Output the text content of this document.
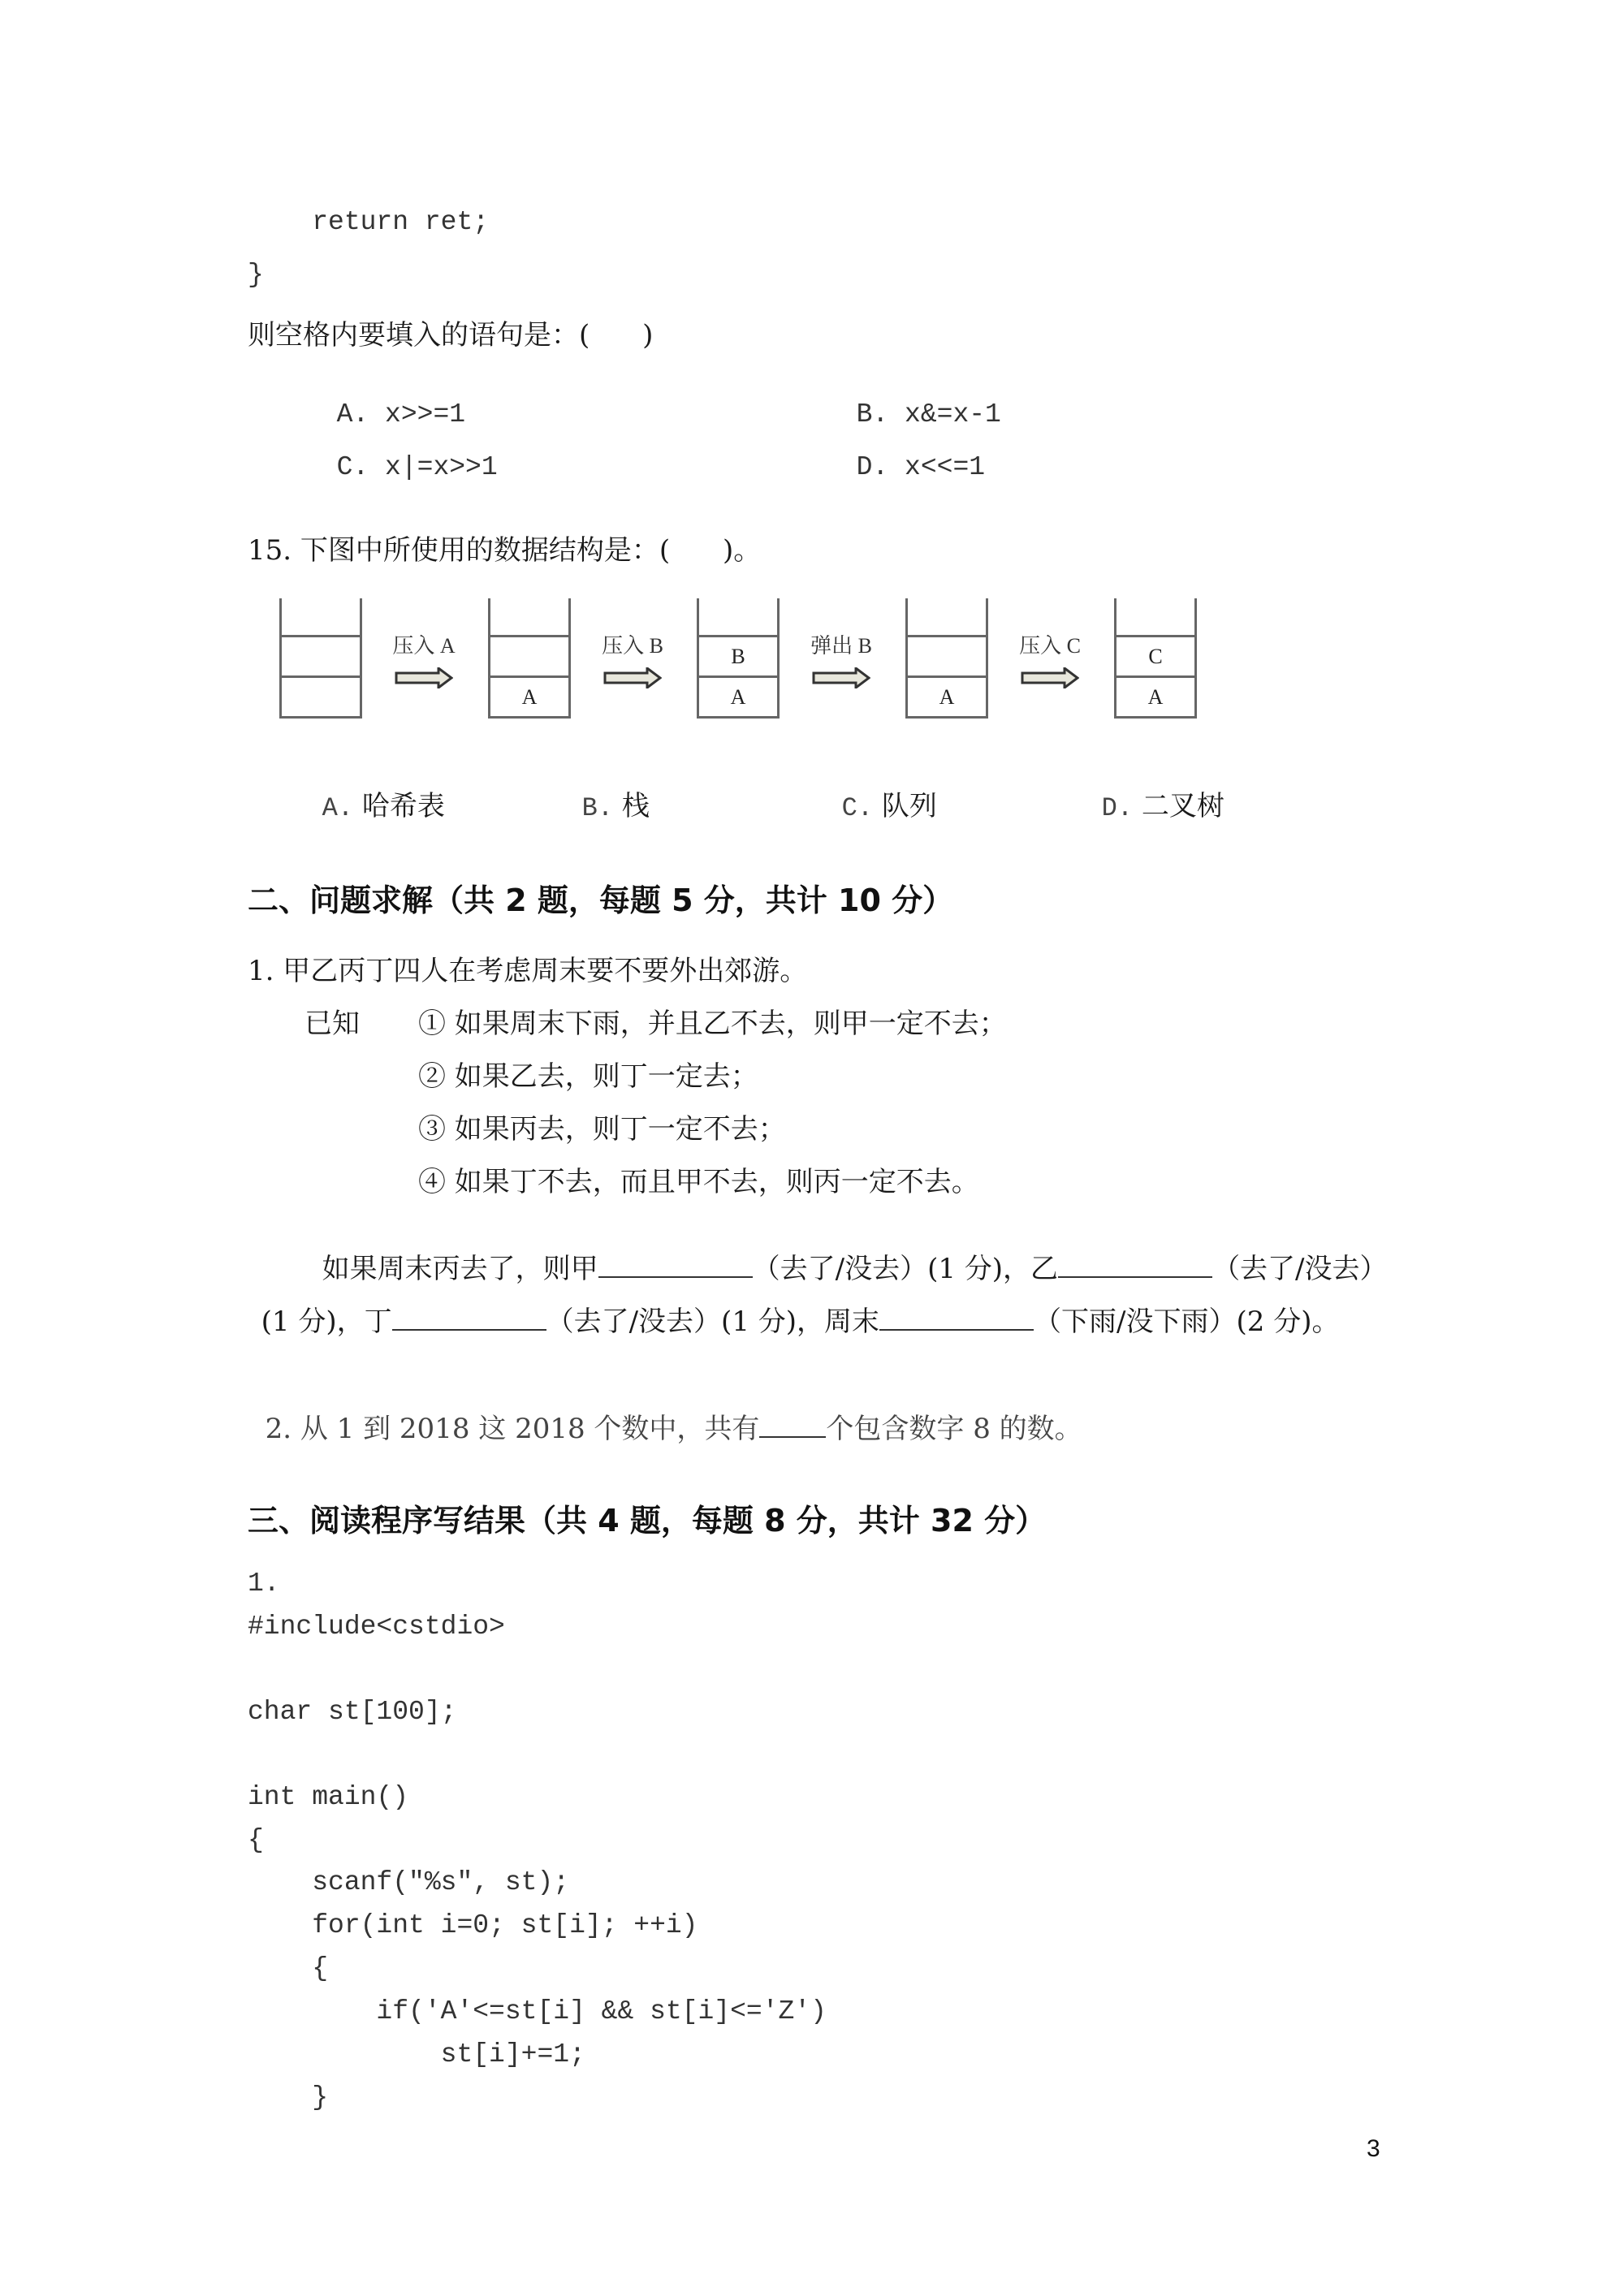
return ret;
}
则空格内要填入的语句是：(      )

A. x>>=1	B. x&=x-1

C. x|=x>>1	D. x<<=1

15. 下图中所使用的数据结构是：(      )。
A
B
A	A
C
A
压入 A	压入 B	弹出 B	压入 C

A. 哈希表	B. 栈	C. 队列	D. 二叉树

二、问题求解（共 2 题，每题 5 分，共计 10 分）
1. 甲乙丙丁四人在考虑周末要不要外出郊游。
已知 ① 如果周末下雨，并且乙不去，则甲一定不去；
② 如果乙去，则丁一定去；
③ 如果丙去，则丁一定不去；
④ 如果丁不去，而且甲不去，则丙一定不去。

如果周末丙去了，则甲	（去了/没去）(1 分)，乙	（去了/没去）

(1 分)，丁	（去了/没去）(1 分)，周末	（下雨/没下雨）(2 分)。

2. 从 1 到 2018 这 2018 个数中，共有 个包含数字 8 的数。

三、阅读程序写结果（共 4 题，每题 8 分，共计 32 分）
1.
#include<cstdio>
char st[100];
int main()
{
scanf("%s", st);
for(int i=0; st[i]; ++i)
{
if('A'<=st[i] && st[i]<='Z')
st[i]+=1;
}
3
